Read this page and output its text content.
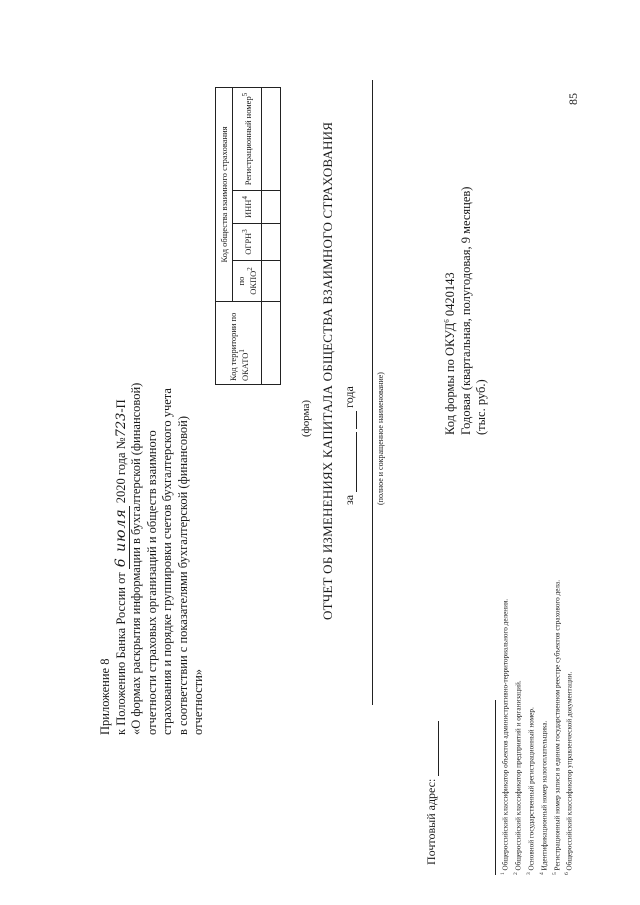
85
Приложение 8 к Положению Банка России от 6 июля 2020 года №723-П «О формах раскрытия информации в бухгалтерской (финансовой) отчетности страховых организаций и обществ взаимного страхования и порядке группировки счетов бухгалтерского учета в соответствии с показателями бухгалтерской (финансовой) отчетности»
Код территории по ОКАТО$^1$	Код общества взаимного страхования			
	по ОКПО$^2$	ОГРН$^3$	ИНН$^4$	Регистрационный номер$^5$

(форма) ОТЧЕТ ОБ ИЗМЕНЕНИЯХ КАПИТАЛА ОБЩЕСТВА ВЗАИМНОГО СТРАХОВАНИЯ за   года	(полное и сокращенное наименование)	Код формы по ОКУД$^6$ 0420143 Годовая (квартальная, полугодовая, 9 месяцев) (тыс. руб.)
Почтовый адрес:
$^1$ Общероссийский классификатор объектов административно-территориального деления.
$^2$ Общероссийский классификатор предприятий и организаций.
$^3$ Основной государственный регистрационный номер.
$^4$ Идентификационный номер налогоплательщика.
$^5$ Регистрационный номер записи в едином государственном реестре субъектов страхового дела.
$^6$ Общероссийский классификатор управленческой документации.
